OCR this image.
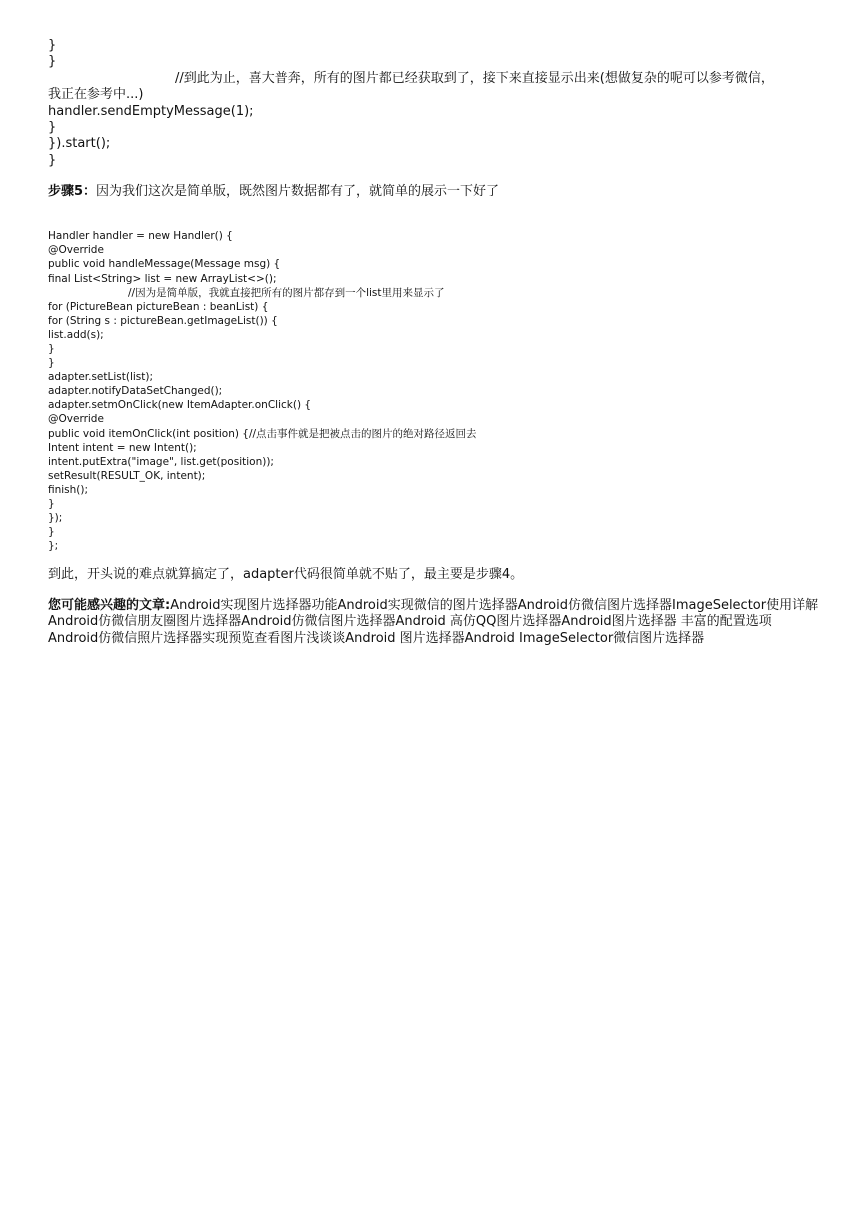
}
}
//到此为止，喜大普奔，所有的图片都已经获取到了，接下来直接显示出来(想做复杂的呢可以参考微信，
我正在参考中...)
handler.sendEmptyMessage(1);
}
}).start();
}
步骤5：因为我们这次是简单版，既然图片数据都有了，就简单的展示一下好了
Handler handler = new Handler() {
@Override
public void handleMessage(Message msg) {
final List<String> list = new ArrayList<>();
//因为是简单版，我就直接把所有的图片都存到一个list里用来显示了
for (PictureBean pictureBean : beanList) {
for (String s : pictureBean.getImageList()) {
list.add(s);
}
}
adapter.setList(list);
adapter.notifyDataSetChanged();
adapter.setmOnClick(new ItemAdapter.onClick() {
@Override
public void itemOnClick(int position) {//点击事件就是把被点击的图片的绝对路径返回去
Intent intent = new Intent();
intent.putExtra("image", list.get(position));
setResult(RESULT_OK, intent);
finish();
}
});
}
};
到此，开头说的难点就算搞定了，adapter代码很简单就不贴了，最主要是步骤4。
您可能感兴趣的文章:Android实现图片选择器功能Android实现微信的图片选择器Android仿微信图片选择器ImageSelector使用详解Android仿微信朋友圈图片选择器Android仿微信图片选择器Android 高仿QQ图片选择器Android图片选择器 丰富的配置选项Android仿微信照片选择器实现预览查看图片浅谈谈Android 图片选择器Android ImageSelector微信图片选择器
